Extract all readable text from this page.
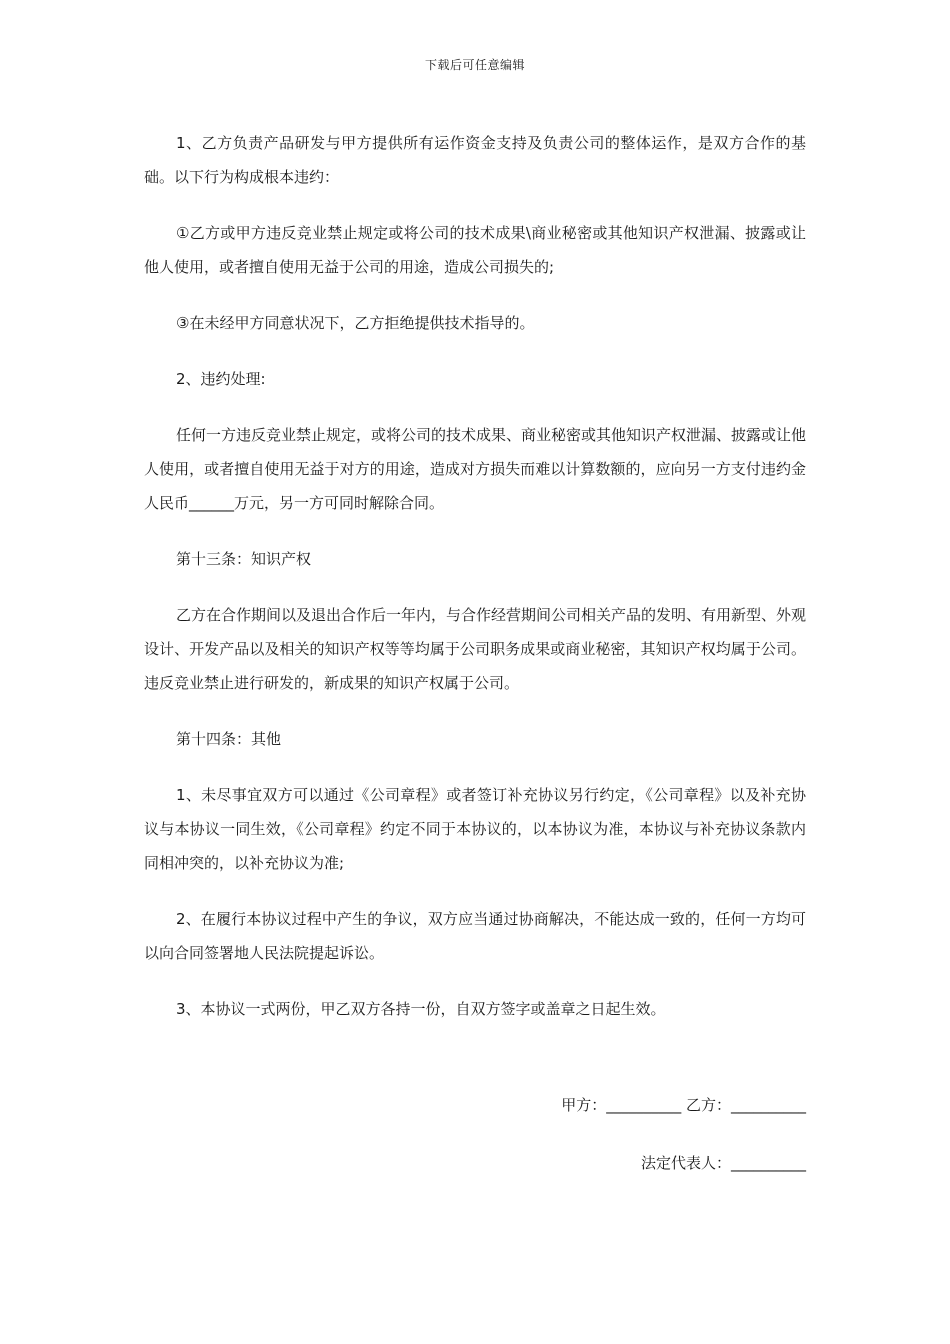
下载后可任意编辑

1、乙方负责产品研发与甲方提供所有运作资金支持及负责公司的整体运作，是双方合作的基础。以下行为构成根本违约：

①乙方或甲方违反竞业禁止规定或将公司的技术成果\商业秘密或其他知识产权泄漏、披露或让他人使用，或者擅自使用无益于公司的用途，造成公司损失的;

③在未经甲方同意状况下，乙方拒绝提供技术指导的。

2、违约处理:

任何一方违反竞业禁止规定，或将公司的技术成果、商业秘密或其他知识产权泄漏、披露或让他人使用，或者擅自使用无益于对方的用途，造成对方损失而难以计算数额的，应向另一方支付违约金人民币______万元，另一方可同时解除合同。

第十三条：知识产权

乙方在合作期间以及退出合作后一年内，与合作经营期间公司相关产品的发明、有用新型、外观设计、开发产品以及相关的知识产权等等均属于公司职务成果或商业秘密，其知识产权均属于公司。违反竞业禁止进行研发的，新成果的知识产权属于公司。

第十四条：其他

1、未尽事宜双方可以通过《公司章程》或者签订补充协议另行约定，《公司章程》以及补充协议与本协议一同生效，《公司章程》约定不同于本协议的，以本协议为准，本协议与补充协议条款内同相冲突的，以补充协议为准;

2、在履行本协议过程中产生的争议，双方应当通过协商解决，不能达成一致的，任何一方均可以向合同签署地人民法院提起诉讼。

3、本协议一式两份，甲乙双方各持一份，自双方签字或盖章之日起生效。

甲方：__________ 乙方：__________
法定代表人：__________
